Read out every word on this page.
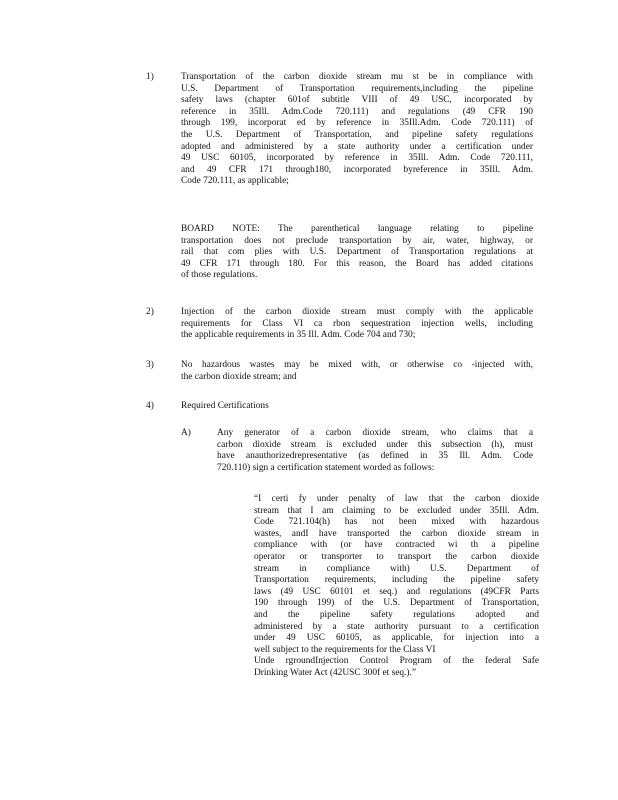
1)	Transportation of the carbon dioxide stream mu st be in compliance with
U.S. Department of Transportation requirements,including the pipeline
safety laws (chapter 601of subtitle VIII of 49 USC, incorporated by
reference in 35Ill. Adm.Code 720.111) and regulations (49 CFR 190
through 199, incorporat ed by reference in 35Ill.Adm. Code 720.111) of
the U.S. Department of Transportation, and pipeline safety regulations
adopted and administered by a state authority under a certification under
49 USC 60105, incorporated by reference in 35Ill. Adm. Code 720.111,
and 49 CFR 171 through180, incorporated byreference in 35Ill. Adm.
Code 720.111, as applicable;
BOARD NOTE: The parenthetical language relating to pipeline
transportation does not preclude transportation by air, water, highway, or
rail that com plies with U.S. Department of Transportation regulations at
49 CFR 171 through 180. For this reason, the Board has added citations
of those regulations.
2)	Injection of the carbon dioxide stream must comply with the applicable
requirements for Class VI ca rbon sequestration injection wells, including
the applicable requirements in 35 Ill. Adm. Code 704 and 730;
3)	No hazardous wastes may be mixed with, or otherwise co -injected with,
the carbon dioxide stream; and
4)	Required Certifications
A)	Any generator of a carbon dioxide stream, who claims that a
carbon dioxide stream is excluded under this subsection (h), must
have anauthorizedrepresentative (as defined in 35 Ill. Adm. Code
720.110) sign a certification statement worded as follows:
“I certi fy under penalty of law that the carbon dioxide
stream that I am claiming to be excluded under 35Ill. Adm.
Code 721.104(h) has not been mixed with hazardous
wastes, andI have transported the carbon dioxide stream in
compliance with (or have contracted wi th a pipeline
operator or transporter to transport the carbon dioxide
stream in compliance with) U.S. Department of
Transportation requirements, including the pipeline safety
laws (49 USC 60101 et seq.) and regulations (49CFR Parts
190 through 199) of the U.S. Department of Transportation,
and the pipeline safety regulations adopted and
administered by a state authority pursuant to a certification
under 49 USC 60105, as applicable, for injection into a
well subject to the requirements for the Class VI
Unde rgroundInjection Control Program of the federal Safe
Drinking Water Act (42USC 300f et seq.).”
